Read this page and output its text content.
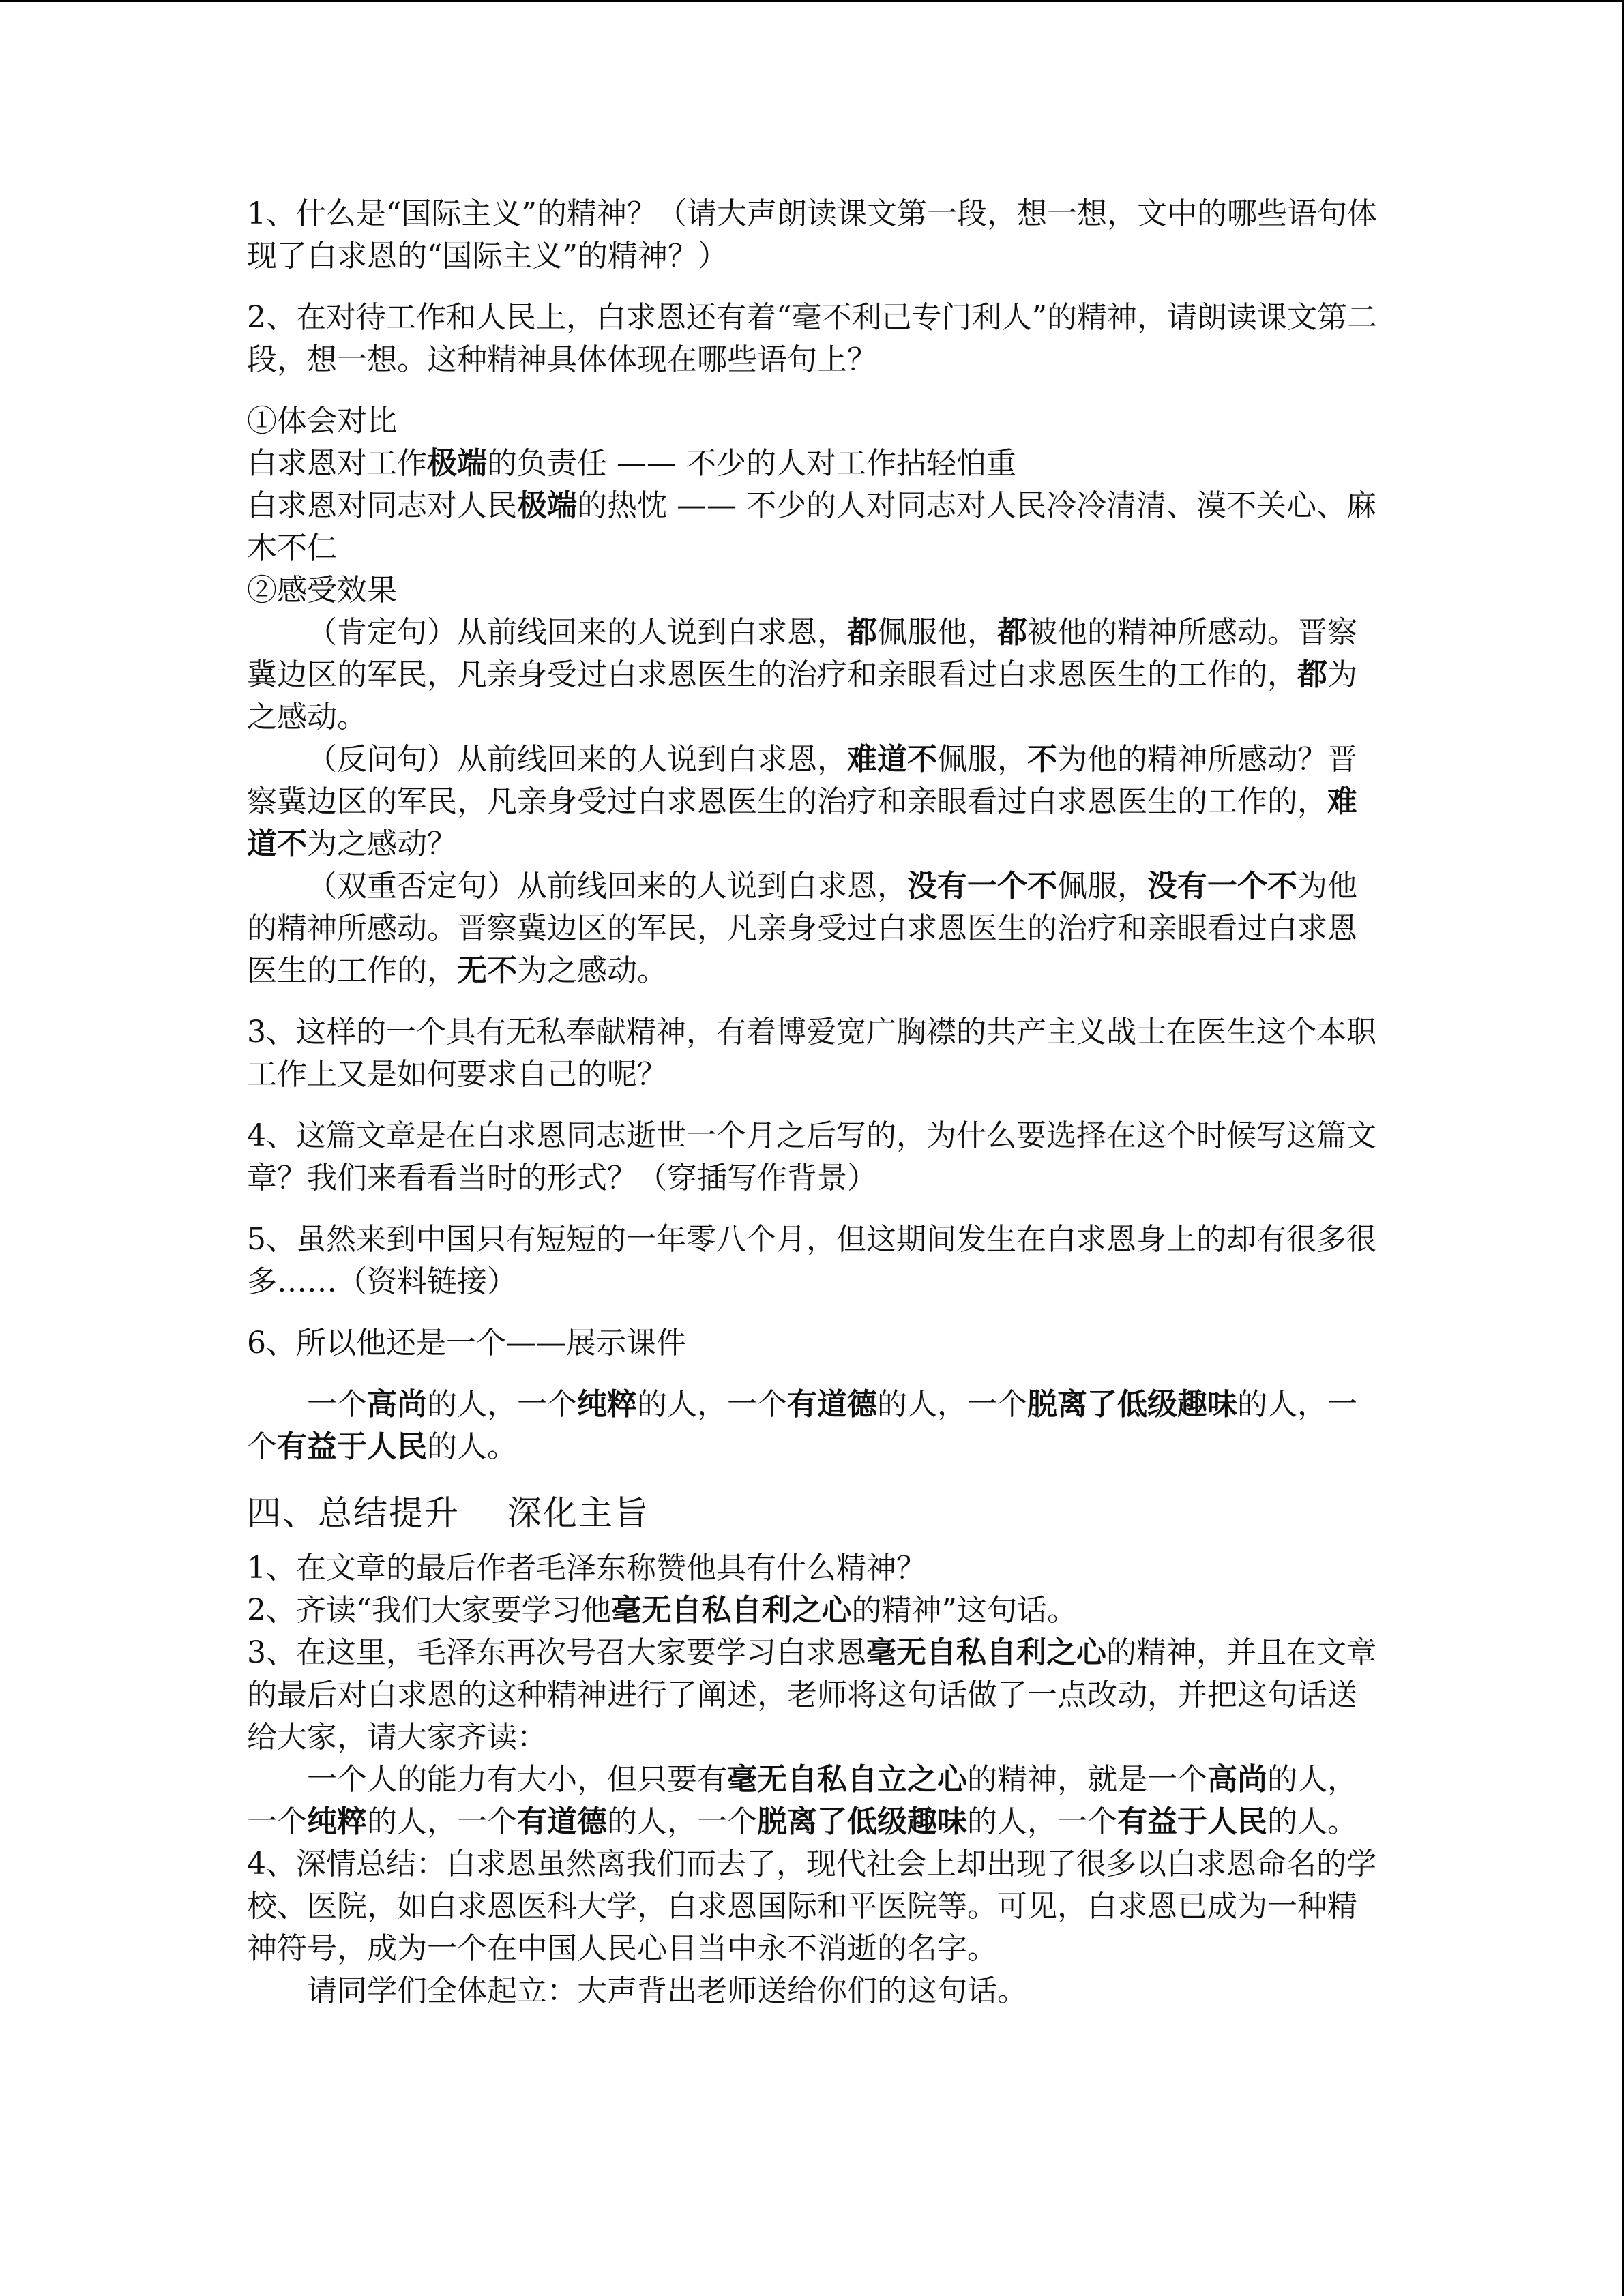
1、什么是“国际主义”的精神？（请大声朗读课文第一段，想一想，文中的哪些语句体现了白求恩的“国际主义”的精神？）

2、在对待工作和人民上，白求恩还有着“毫不利己专门利人”的精神，请朗读课文第二段，想一想。这种精神具体体现在哪些语句上？

①体会对比

白求恩对工作极端的负责任 —— 不少的人对工作拈轻怕重

白求恩对同志对人民极端的热忱 —— 不少的人对同志对人民冷冷清清、漠不关心、麻木不仁

②感受效果

（肯定句）从前线回来的人说到白求恩，都佩服他，都被他的精神所感动。晋察冀边区的军民，凡亲身受过白求恩医生的治疗和亲眼看过白求恩医生的工作的，都为之感动。

（反问句）从前线回来的人说到白求恩，难道不佩服，不为他的精神所感动？晋察冀边区的军民，凡亲身受过白求恩医生的治疗和亲眼看过白求恩医生的工作的，难道不为之感动？

（双重否定句）从前线回来的人说到白求恩，没有一个不佩服，没有一个不为他的精神所感动。晋察冀边区的军民，凡亲身受过白求恩医生的治疗和亲眼看过白求恩医生的工作的，无不为之感动。

3、这样的一个具有无私奉献精神，有着博爱宽广胸襟的共产主义战士在医生这个本职工作上又是如何要求自己的呢？

4、这篇文章是在白求恩同志逝世一个月之后写的，为什么要选择在这个时候写这篇文章？我们来看看当时的形式？（穿插写作背景）

5、虽然来到中国只有短短的一年零八个月，但这期间发生在白求恩身上的却有很多很多……（资料链接）

6、所以他还是一个——展示课件

一个高尚的人，一个纯粹的人，一个有道德的人，一个脱离了低级趣味的人，一个有益于人民的人。

四、总结提升 深化主旨

1、在文章的最后作者毛泽东称赞他具有什么精神？

2、齐读“我们大家要学习他毫无自私自利之心的精神”这句话。

3、在这里，毛泽东再次号召大家要学习白求恩毫无自私自利之心的精神，并且在文章的最后对白求恩的这种精神进行了阐述，老师将这句话做了一点改动，并把这句话送给大家，请大家齐读：

一个人的能力有大小，但只要有毫无自私自立之心的精神，就是一个高尚的人，一个纯粹的人，一个有道德的人，一个脱离了低级趣味的人，一个有益于人民的人。

4、深情总结：白求恩虽然离我们而去了，现代社会上却出现了很多以白求恩命名的学校、医院，如白求恩医科大学，白求恩国际和平医院等。可见，白求恩已成为一种精神符号，成为一个在中国人民心目当中永不消逝的名字。

请同学们全体起立：大声背出老师送给你们的这句话。
